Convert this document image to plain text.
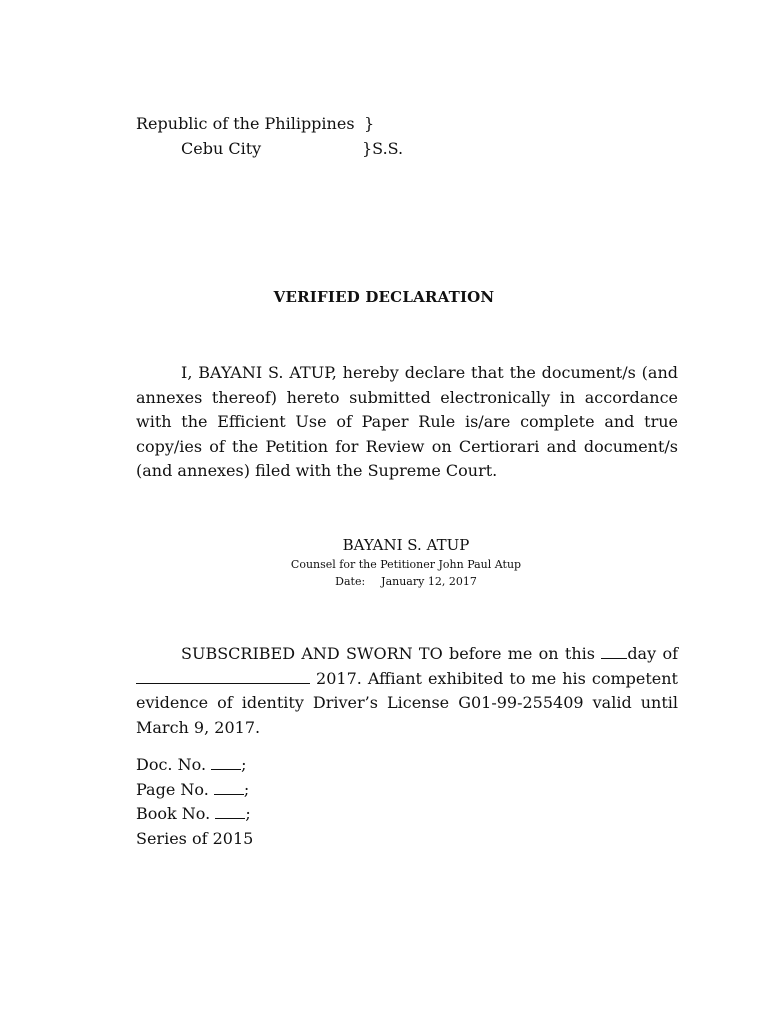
Republic of the Philippines }
Cebu City	}S.S.
VERIFIED DECLARATION
I, BAYANI S. ATUP, hereby declare that the document/s (and annexes thereof) hereto submitted electronically in accordance with the Efficient Use of Paper Rule is/are complete and true copy/ies of the Petition for Review on Certiorari and document/s (and annexes) filed with the Supreme Court.
BAYANI S. ATUP
Counsel for the Petitioner John Paul Atup
Date: January 12, 2017
SUBSCRIBED AND SWORN TO before me on this day of  2017. Affiant exhibited to me his competent evidence of identity Driver’s License G01-99-255409 valid until March 9, 2017.
Doc. No. ;
Page No. ;
Book No. ;
Series of 2015
